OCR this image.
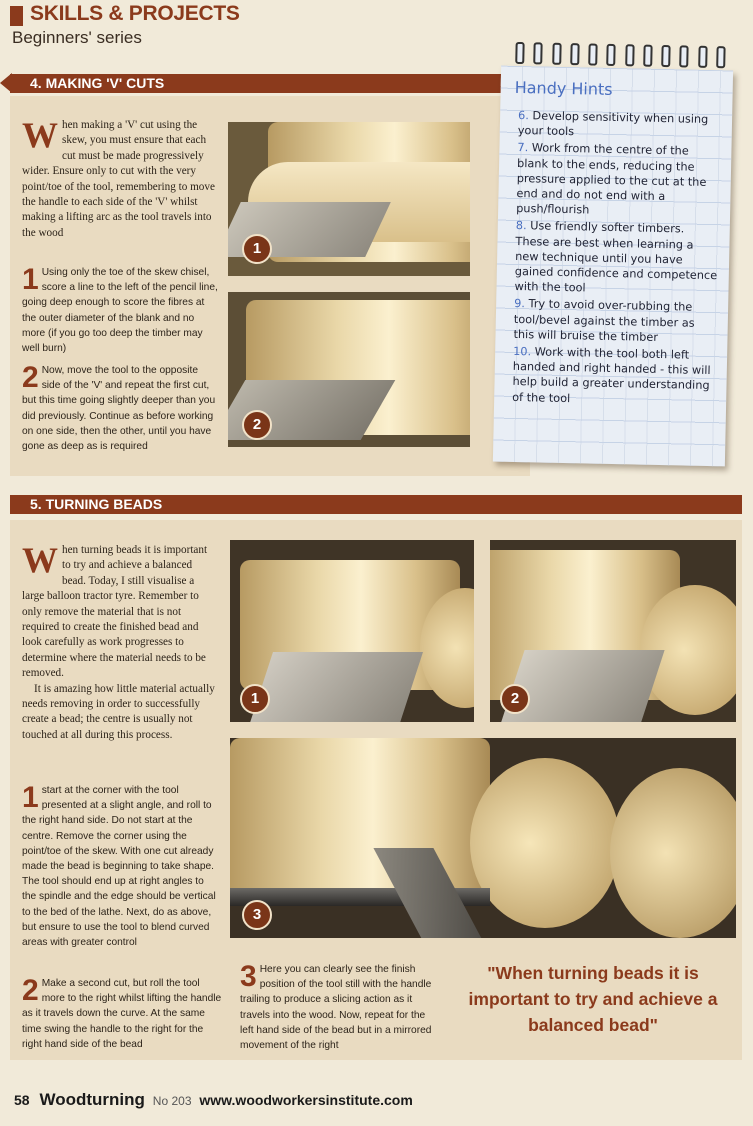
SKILLS & PROJECTS
Beginners' series
4. MAKING 'V' CUTS
When making a 'V' cut using the skew, you must ensure that each cut must be made progressively wider. Ensure only to cut with the very point/toe of the tool, remembering to move the handle to each side of the 'V' whilst making a lifting arc as the tool travels into the wood
1 Using only the toe of the skew chisel, score a line to the left of the pencil line, going deep enough to score the fibres at the outer diameter of the blank and no more (if you go too deep the timber may well burn)
2 Now, move the tool to the opposite side of the 'V' and repeat the first cut, but this time going slightly deeper than you did previously. Continue as before working on one side, then the other, until you have gone as deep as is required
1
2
Handy Hints
6. Develop sensitivity when using your tools
7. Work from the centre of the blank to the ends, reducing the pressure applied to the cut at the end and do not end with a push/flourish
8. Use friendly softer timbers. These are best when learning a new technique until you have gained confidence and competence with the tool
9. Try to avoid over-rubbing the tool/bevel against the timber as this will bruise the timber
10. Work with the tool both left handed and right handed - this will help build a greater understanding of the tool
5. TURNING BEADS

When turning beads it is important to try and achieve a balanced bead. Today, I still visualise a large balloon tractor tyre. Remember to only remove the material that is not required to create the finished bead and look carefully as work progresses to determine where the material needs to be removed.

It is amazing how little material actually needs removing in order to successfully create a bead; the centre is usually not touched at all during this process.

1 start at the corner with the tool presented at a slight angle, and roll to the right hand side. Do not start at the centre. Remove the corner using the point/toe of the skew. With one cut already made the bead is beginning to take shape. The tool should end up at right angles to the spindle and the edge should be vertical to the bed of the lathe. Next, do as above, but ensure to use the tool to blend curved areas with greater control
2 Make a second cut, but roll the tool more to the right whilst lifting the handle as it travels down the curve. At the same time swing the handle to the right for the right hand side of the bead
3 Here you can clearly see the finish position of the tool still with the handle trailing to produce a slicing action as it travels into the wood. Now, repeat for the left hand side of the bead but in a mirrored movement of the right
1	2
3
"When turning beads it is important to try and achieve a balanced bead"
58 Woodturning No 203 www.woodworkersinstitute.com
